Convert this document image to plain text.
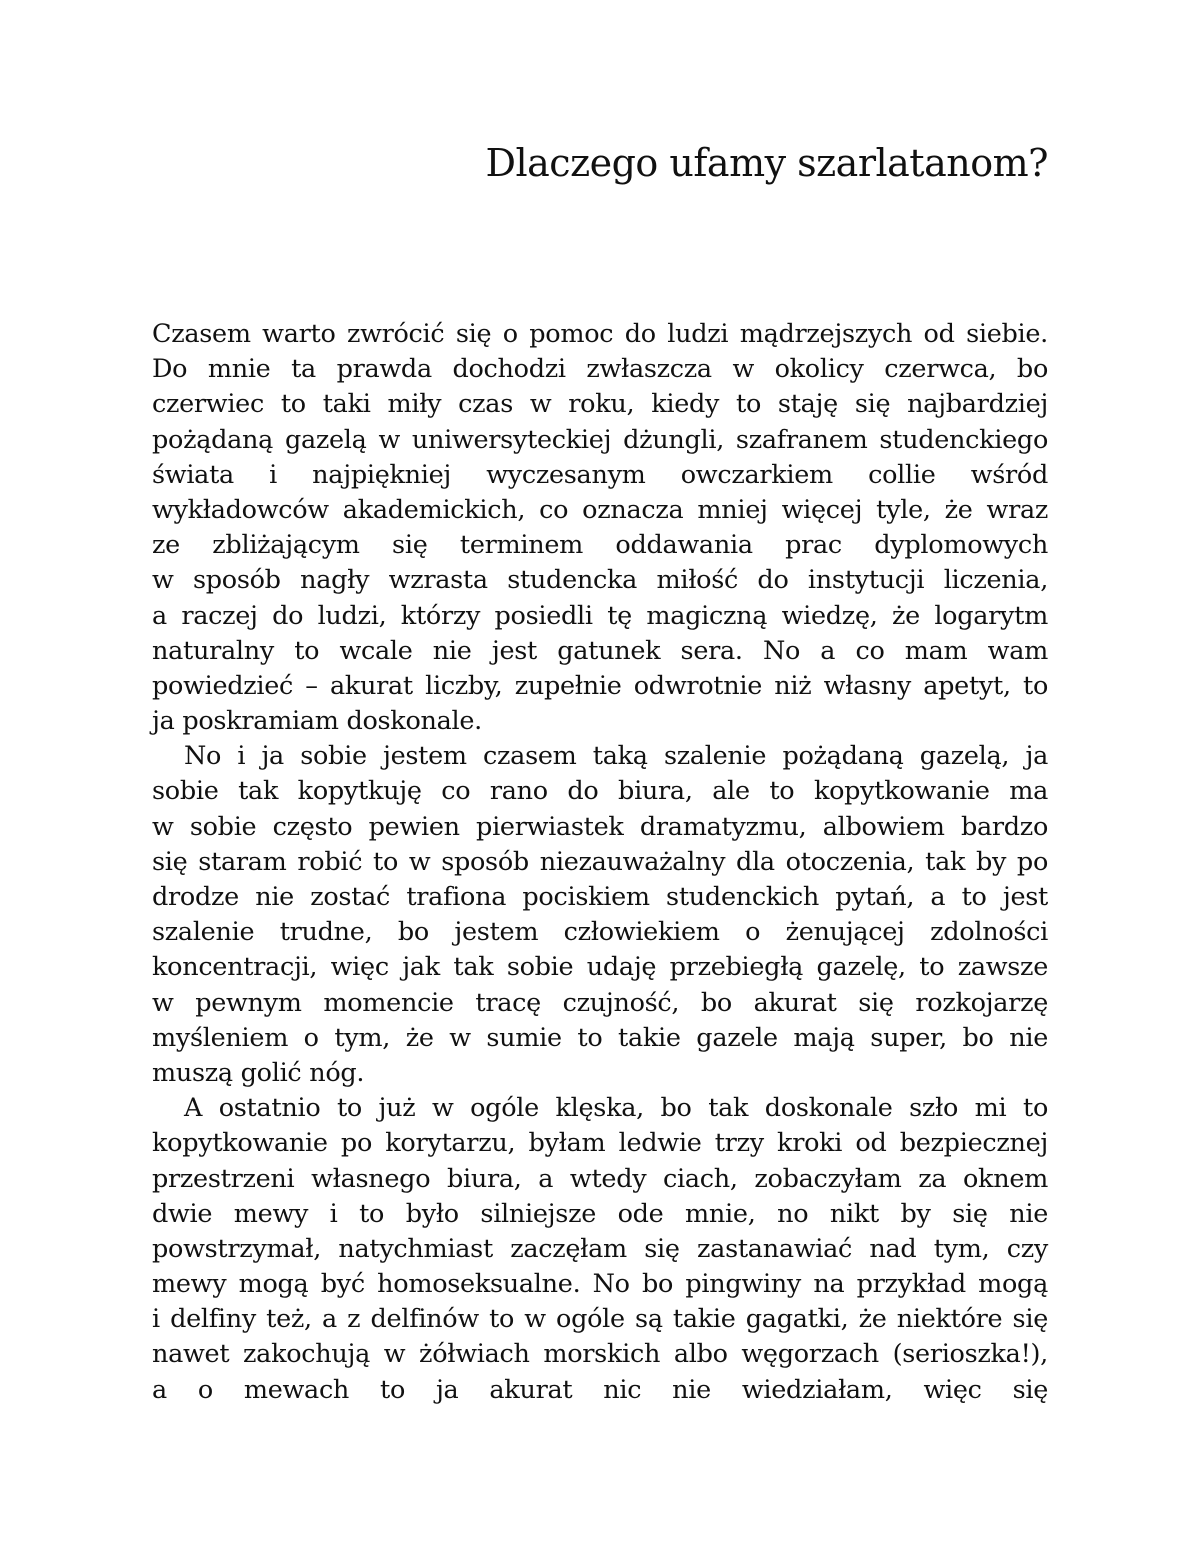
Dlaczego ufamy szarlatanom?
Czasem warto zwrócić się o pomoc do ludzi mądrzejszych od siebie.
Do mnie ta prawda dochodzi zwłaszcza w okolicy czerwca, bo
czerwiec to taki miły czas w roku, kiedy to staję się najbardziej
pożądaną gazelą w uniwersyteckiej dżungli, szafranem studenckiego
świata i najpiękniej wyczesanym owczarkiem collie wśród
wykładowców akademickich, co oznacza mniej więcej tyle, że wraz
ze zbliżającym się terminem oddawania prac dyplomowych
w sposób nagły wzrasta studencka miłość do instytucji liczenia,
a raczej do ludzi, którzy posiedli tę magiczną wiedzę, że logarytm
naturalny to wcale nie jest gatunek sera. No a co mam wam
powiedzieć – akurat liczby, zupełnie odwrotnie niż własny apetyt, to
ja poskramiam doskonale.
No i ja sobie jestem czasem taką szalenie pożądaną gazelą, ja
sobie tak kopytkuję co rano do biura, ale to kopytkowanie ma
w sobie często pewien pierwiastek dramatyzmu, albowiem bardzo
się staram robić to w sposób niezauważalny dla otoczenia, tak by po
drodze nie zostać trafiona pociskiem studenckich pytań, a to jest
szalenie trudne, bo jestem człowiekiem o żenującej zdolności
koncentracji, więc jak tak sobie udaję przebiegłą gazelę, to zawsze
w pewnym momencie tracę czujność, bo akurat się rozkojarzę
myśleniem o tym, że w sumie to takie gazele mają super, bo nie
muszą golić nóg.
A ostatnio to już w ogóle klęska, bo tak doskonale szło mi to
kopytkowanie po korytarzu, byłam ledwie trzy kroki od bezpiecznej
przestrzeni własnego biura, a wtedy ciach, zobaczyłam za oknem
dwie mewy i to było silniejsze ode mnie, no nikt by się nie
powstrzymał, natychmiast zaczęłam się zastanawiać nad tym, czy
mewy mogą być homoseksualne. No bo pingwiny na przykład mogą
i delfiny też, a z delfinów to w ogóle są takie gagatki, że niektóre się
nawet zakochują w żółwiach morskich albo węgorzach (serioszka!),
a o mewach to ja akurat nic nie wiedziałam, więc się
